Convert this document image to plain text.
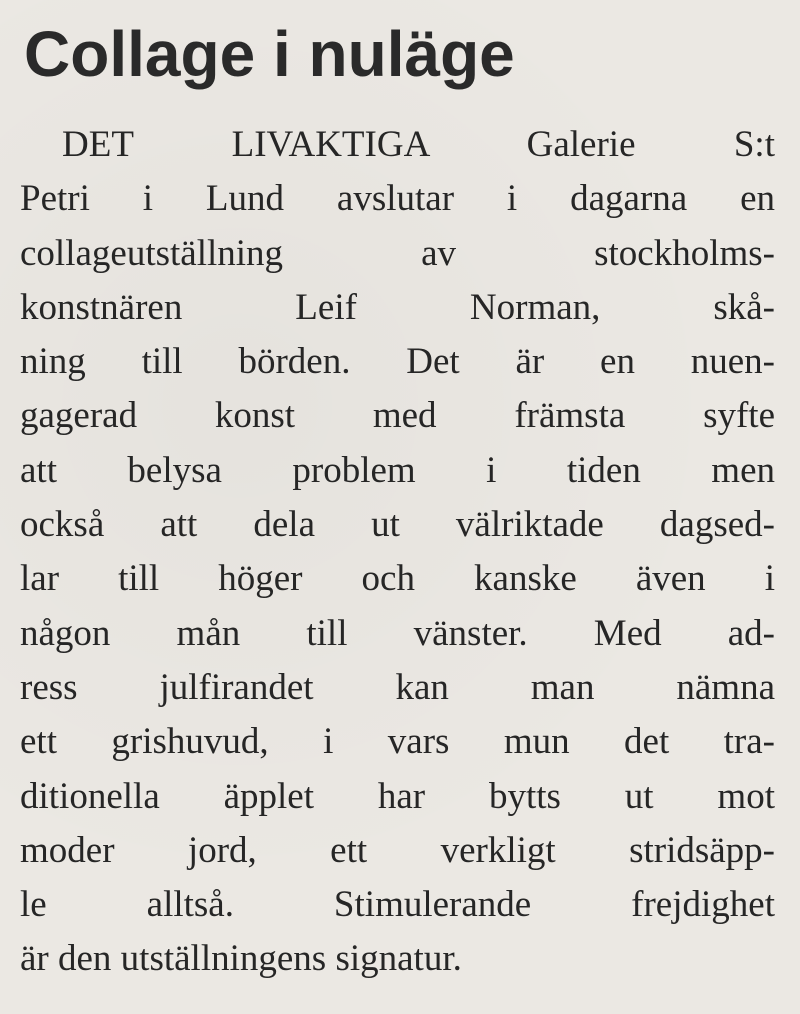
Collage i nuläge
DET LIVAKTIGA Galerie S:t
Petri i Lund avslutar i dagarna en
collageutställning av stockholms-
konstnären Leif Norman, skå-
ning till börden. Det är en nuen-
gagerad konst med främsta syfte
att belysa problem i tiden men
också att dela ut välriktade dagsed-
lar till höger och kanske även i
någon mån till vänster. Med ad-
ress julfirandet kan man nämna
ett grishuvud, i vars mun det tra-
ditionella äpplet har bytts ut mot
moder jord, ett verkligt stridsäpp-
le alltså. Stimulerande frejdighet
är den utställningens signatur.
